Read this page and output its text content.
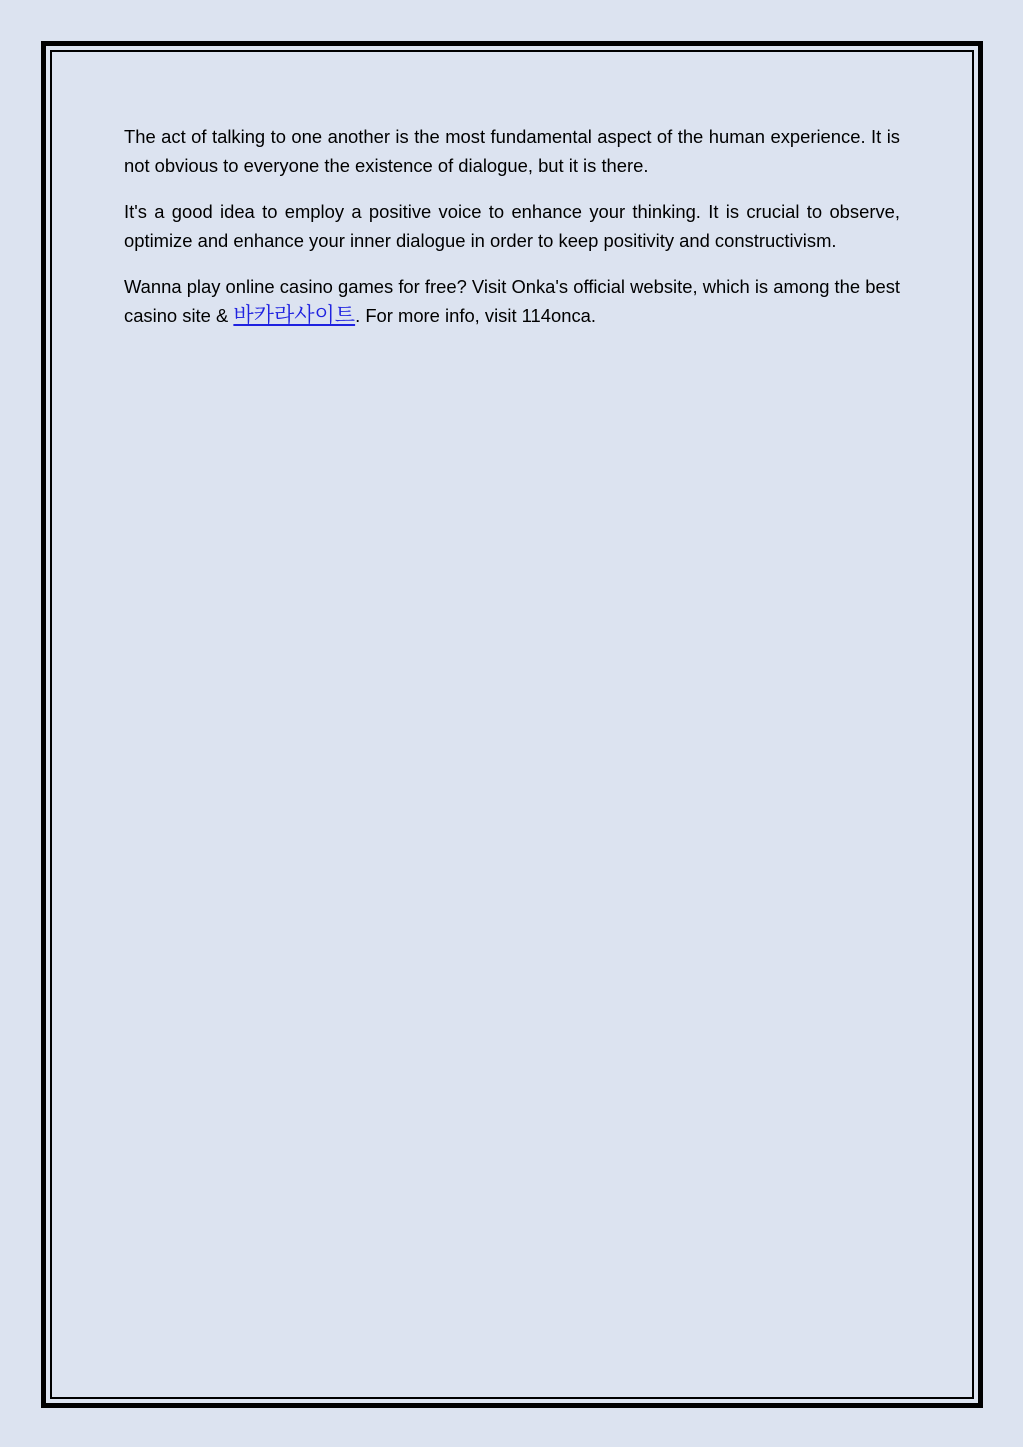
The act of talking to one another is the most fundamental aspect of the human experience. It is not obvious to everyone the existence of dialogue, but it is there.

It's a good idea to employ a positive voice to enhance your thinking. It is crucial to observe, optimize and enhance your inner dialogue in order to keep positivity and constructivism.

Wanna play online casino games for free? Visit Onka's official website, which is among the best casino site & 바카라사이트. For more info, visit 114onca.
